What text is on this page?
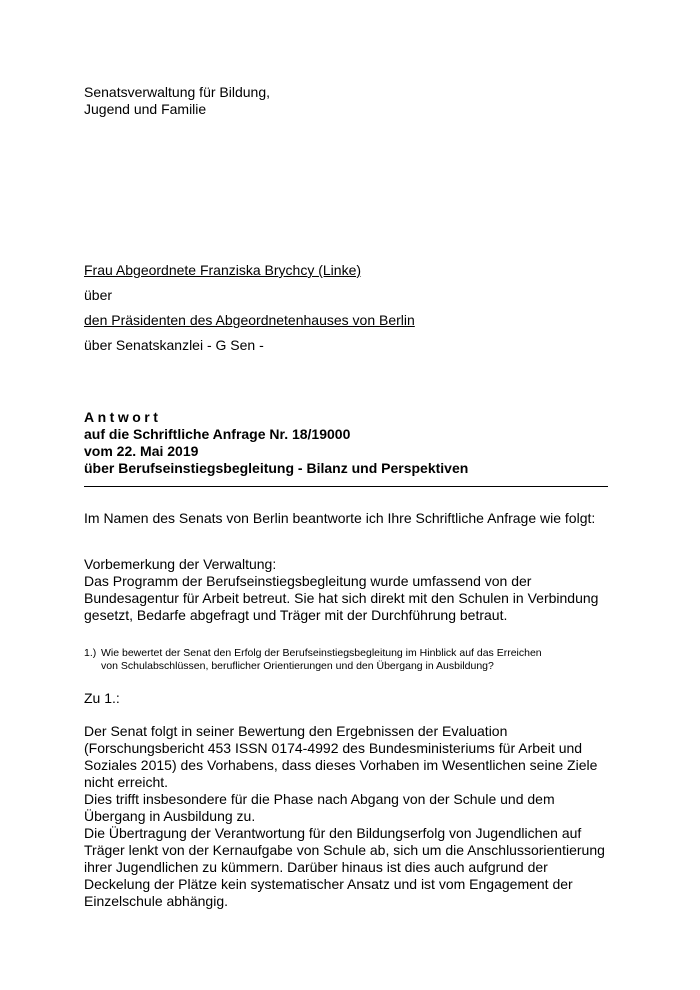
Senatsverwaltung für Bildung,
Jugend und Familie
Frau Abgeordnete Franziska Brychcy (Linke)
über
den Präsidenten des Abgeordnetenhauses von Berlin
über Senatskanzlei - G Sen -
Antwort
auf die Schriftliche Anfrage Nr. 18/19000
vom 22. Mai 2019
über Berufseinstiegsbegleitung - Bilanz und Perspektiven
Im Namen des Senats von Berlin beantworte ich Ihre Schriftliche Anfrage wie folgt:
Vorbemerkung der Verwaltung:
Das Programm der Berufseinstiegsbegleitung wurde umfassend von der
Bundesagentur für Arbeit betreut. Sie hat sich direkt mit den Schulen in Verbindung
gesetzt, Bedarfe abgefragt und Träger mit der Durchführung betraut.
1.) Wie bewertet der Senat den Erfolg der Berufseinstiegsbegleitung im Hinblick auf das Erreichen
von Schulabschlüssen, beruflicher Orientierungen und den Übergang in Ausbildung?
Zu 1.:
Der Senat folgt in seiner Bewertung den Ergebnissen der Evaluation
(Forschungsbericht 453 ISSN 0174-4992 des Bundesministeriums für Arbeit und
Soziales 2015) des Vorhabens, dass dieses Vorhaben im Wesentlichen seine Ziele
nicht erreicht.
Dies trifft insbesondere für die Phase nach Abgang von der Schule und dem
Übergang in Ausbildung zu.
Die Übertragung der Verantwortung für den Bildungserfolg von Jugendlichen auf
Träger lenkt von der Kernaufgabe von Schule ab, sich um die Anschlussorientierung
ihrer Jugendlichen zu kümmern. Darüber hinaus ist dies auch aufgrund der
Deckelung der Plätze kein systematischer Ansatz und ist vom Engagement der
Einzelschule abhängig.
